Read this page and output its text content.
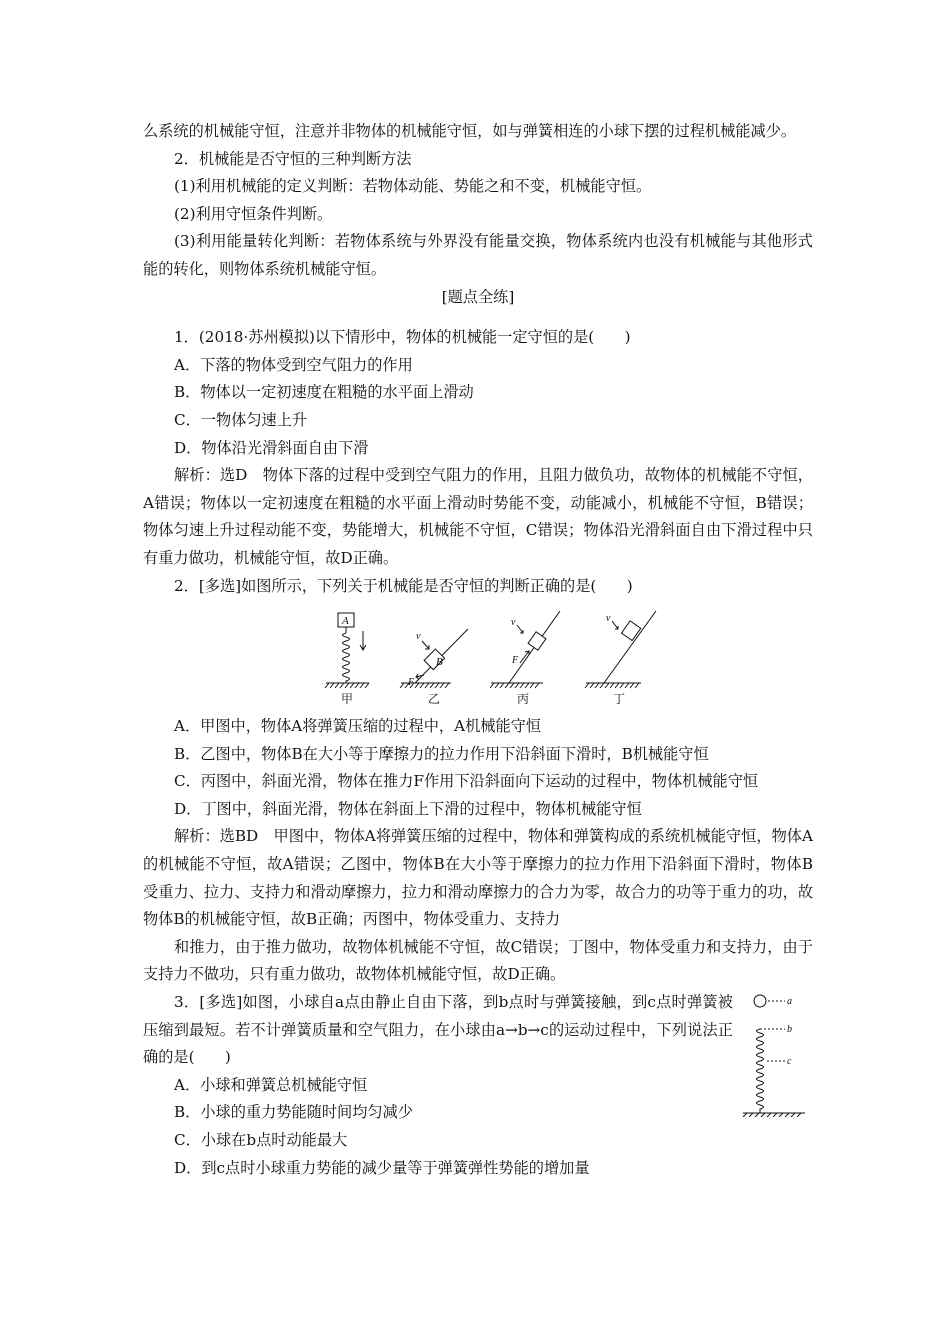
么系统的机械能守恒，注意并非物体的机械能守恒，如与弹簧相连的小球下摆的过程机械能减少。

2．机械能是否守恒的三种判断方法

(1)利用机械能的定义判断：若物体动能、势能之和不变，机械能守恒。

(2)利用守恒条件判断。

(3)利用能量转化判断：若物体系统与外界没有能量交换，物体系统内也没有机械能与其他形式能的转化，则物体系统机械能守恒。

[题点全练]

1．(2018·苏州模拟)以下情形中，物体的机械能一定守恒的是(　　)

A．下落的物体受到空气阻力的作用

B．物体以一定初速度在粗糙的水平面上滑动

C．一物体匀速上升

D．物体沿光滑斜面自由下滑

解析：选D　物体下落的过程中受到空气阻力的作用，且阻力做负功，故物体的机械能不守恒，A错误；物体以一定初速度在粗糙的水平面上滑动时势能不变，动能减小，机械能不守恒，B错误；物体匀速上升过程动能不变，势能增大，机械能不守恒，C错误；物体沿光滑斜面自由下滑过程中只有重力做功，机械能守恒，故D正确。

2．[多选]如图所示，下列关于机械能是否守恒的判断正确的是(　　)

A
甲
B
v
F
乙
v
F
丙
v
丁

A．甲图中，物体A将弹簧压缩的过程中，A机械能守恒

B．乙图中，物体B在大小等于摩擦力的拉力作用下沿斜面下滑时，B机械能守恒

C．丙图中，斜面光滑，物体在推力F作用下沿斜面向下运动的过程中，物体机械能守恒

D．丁图中，斜面光滑，物体在斜面上下滑的过程中，物体机械能守恒

解析：选BD　甲图中，物体A将弹簧压缩的过程中，物体和弹簧构成的系统机械能守恒，物体A的机械能不守恒，故A错误；乙图中，物体B在大小等于摩擦力的拉力作用下沿斜面下滑时，物体B受重力、拉力、支持力和滑动摩擦力，拉力和滑动摩擦力的合力为零，故合力的功等于重力的功，故物体B的机械能守恒，故B正确；丙图中，物体受重力、支持力

和推力，由于推力做功，故物体机械能不守恒，故C错误；丁图中，物体受重力和支持力，由于支持力不做功，只有重力做功，故物体机械能守恒，故D正确。

3．[多选]如图，小球自a点由静止自由下落，到b点时与弹簧接触，到c点时弹簧被压缩到最短。若不计弹簧质量和空气阻力，在小球由a→b→c的运动过程中，下列说法正确的是(　　)

a
b
c

A．小球和弹簧总机械能守恒

B．小球的重力势能随时间均匀减少

C．小球在b点时动能最大

D．到c点时小球重力势能的减少量等于弹簧弹性势能的增加量
